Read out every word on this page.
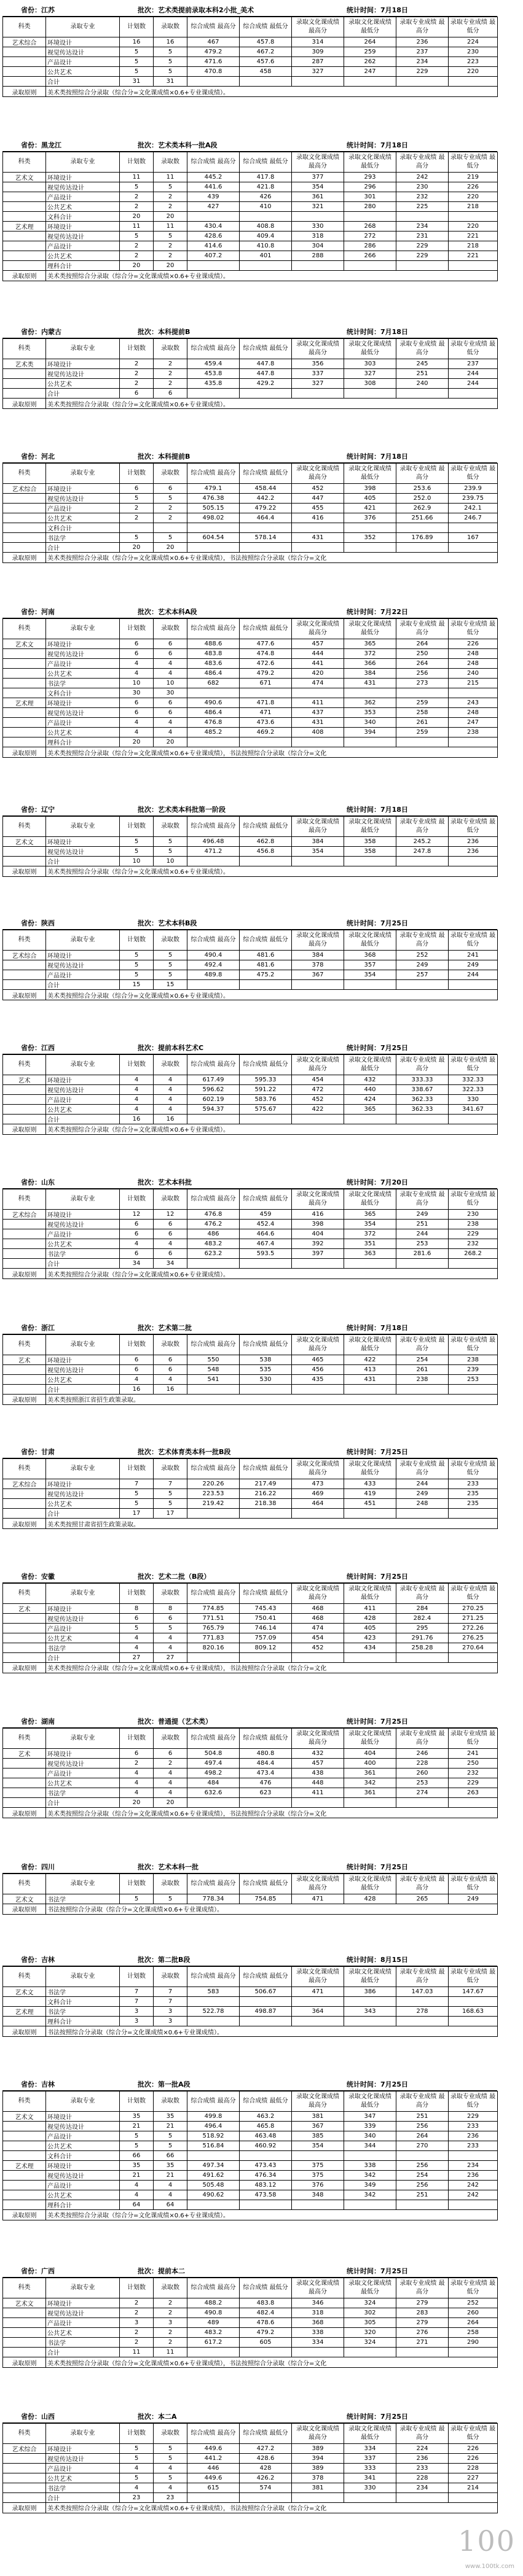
省份：江苏	批次：艺术类提前录取本科2小批_美术	统计时间：7月18日
科类	录取专业	计划数	录取数	综合成绩 最高分	综合成绩 最低分	录取文化课成绩 最高分	录取文化课成绩 最低分	录取专业成绩 最高分	录取专业成绩 最低分
艺术综合	环境设计	16	16	467	457.8	314	264	236	224
	视觉传达设计	5	5	479.2	467.2	309	259	237	230
	产品设计	5	5	471.6	457.6	287	262	234	223
	公共艺术	5	5	470.8	458	327	247	229	220
	合计	31	31						
录取原则	美术类按照综合分录取（综合分=文化课成绩×0.6+专业课成绩）。								
省份：黑龙江	批次：艺术类本科一批A段	统计时间：7月18日
科类	录取专业	计划数	录取数	综合成绩 最高分	综合成绩 最低分	录取文化课成绩 最高分	录取文化课成绩 最低分	录取专业成绩 最高分	录取专业成绩 最低分
艺术文	环境设计	11	11	445.2	417.8	377	293	242	219
	视觉传达设计	5	5	441.6	421.8	354	296	230	226
	产品设计	2	2	439	426	361	301	232	220
	公共艺术	2	2	427	410	321	280	225	218
	文科合计	20	20						
艺术理	环境设计	11	11	430.4	408.8	330	268	234	220
	视觉传达设计	5	5	428.6	409.4	318	272	231	221
	产品设计	2	2	414.6	410.8	304	286	229	218
	公共艺术	2	2	407.2	401	288	266	229	221
	理科合计	20	20						
录取原则	美术类按照综合分录取（综合分=文化课成绩×0.6+专业课成绩）。								
省份：内蒙古	批次：本科提前B	统计时间：7月18日
科类	录取专业	计划数	录取数	综合成绩 最高分	综合成绩 最低分	录取文化课成绩 最高分	录取文化课成绩 最低分	录取专业成绩 最高分	录取专业成绩 最低分
艺术类	环境设计	2	2	459.4	447.8	356	303	245	237
	视觉传达设计	2	2	453.8	447.8	337	327	251	244
	公共艺术	2	2	435.8	429.2	327	308	240	244
	合计	6	6						
录取原则	美术类按照综合分录取（综合分=文化课成绩×0.6+专业课成绩）。								
省份：河北	批次：本科提前B	统计时间：7月18日
科类	录取专业	计划数	录取数	综合成绩 最高分	综合成绩 最低分	录取文化课成绩 最高分	录取文化课成绩 最低分	录取专业成绩 最高分	录取专业成绩 最低分
艺术综合	环境设计	6	6	479.1	458.44	452	398	253.6	239.9
	视觉传达设计	5	5	476.38	442.2	447	405	252.0	239.75
	产品设计	2	2	505.15	479.22	455	421	262.9	242.1
	公共艺术	2	2	498.02	464.4	416	376	251.66	246.7
	文科合计								
	书法学	5	5	604.54	578.14	431	352	176.89	167
	合计	20	20						
录取原则	美术类按照综合分录取（综合分=文化课成绩×0.6+专业课成绩），书法按照综合分录取（综合分=文化								
省份：河南	批次：艺术本科A段	统计时间：7月22日
科类	录取专业	计划数	录取数	综合成绩 最高分	综合成绩 最低分	录取文化课成绩 最高分	录取文化课成绩 最低分	录取专业成绩 最高分	录取专业成绩 最低分
艺术文	环境设计	6	6	488.6	477.6	457	365	264	226
	视觉传达设计	6	6	483.8	474.8	444	372	250	248
	产品设计	4	4	483.6	472.6	441	366	264	248
	公共艺术	4	4	486.4	479.2	420	384	256	240
	书法学	10	10	682	671	474	431	273	215
	文科合计	30	30						
艺术理	环境设计	6	6	490.6	471.8	411	362	259	243
	视觉传达设计	6	6	486.4	471	437	353	258	248
	产品设计	4	4	476.8	473.6	431	340	261	247
	公共艺术	4	4	485.2	469.2	408	394	259	238
	理科合计	20	20						
录取原则	美术类按照综合分录取（综合分=文化课成绩×0.6+专业课成绩），书法按照综合分录取（综合分=文化								
省份：辽宁	批次：艺术类本科批第一阶段	统计时间：7月18日
科类	录取专业	计划数	录取数	综合成绩 最高分	综合成绩 最低分	录取文化课成绩 最高分	录取文化课成绩 最低分	录取专业成绩 最高分	录取专业成绩 最低分
艺术文	环境设计	5	5	496.48	462.8	384	358	245.2	236
	视觉传达设计	5	5	471.2	456.8	354	358	247.8	236
	合计	10	10						
录取原则	美术类按照综合分录取（综合分=文化课成绩×0.6+专业课成绩）。								
省份：陕西	批次：艺术本科B段	统计时间：7月25日
科类	录取专业	计划数	录取数	综合成绩 最高分	综合成绩 最低分	录取文化课成绩 最高分	录取文化课成绩 最低分	录取专业成绩 最高分	录取专业成绩 最低分
艺术综合	环境设计	5	5	490.4	481.6	384	368	252	241
	视觉传达设计	5	5	492.4	481.6	378	357	249	249
	产品设计	5	5	489.8	475.2	367	354	257	244
	合计	15	15						
录取原则	美术类按照综合分录取（综合分=文化课成绩×0.6+专业课成绩）。								
省份：江西	批次：提前本科艺术C	统计时间：7月25日
科类	录取专业	计划数	录取数	综合成绩 最高分	综合成绩 最低分	录取文化课成绩 最高分	录取文化课成绩 最低分	录取专业成绩 最高分	录取专业成绩 最低分
艺术	环境设计	4	4	617.49	595.33	454	432	333.33	332.33
	视觉传达设计	4	4	596.62	591.22	472	440	338.67	322.33
	产品设计	4	4	602.19	583.76	452	424	362.33	330
	公共艺术	4	4	594.37	575.67	422	365	362.33	341.67
	合计	16	16						
录取原则	美术类按照综合分录取（综合分=文化课成绩×0.6+专业课成绩）。								
省份：山东	批次：艺术本科批	统计时间：7月20日
科类	录取专业	计划数	录取数	综合成绩 最高分	综合成绩 最低分	录取文化课成绩 最高分	录取文化课成绩 最低分	录取专业成绩 最高分	录取专业成绩 最低分
艺术综合	环境设计	12	12	476.8	459	416	365	249	230
	视觉传达设计	6	6	476.2	452.4	398	354	251	238
	产品设计	6	6	486	464.6	404	372	244	229
	公共艺术	4	4	483.2	467.4	392	351	253	232
	书法学	6	6	623.2	593.5	397	363	281.6	268.2
	合计	34	34						
录取原则	美术类按照综合分录取（综合分=文化课成绩×0.6+专业课成绩）。								
省份：浙江	批次：艺术第二批	统计时间：7月18日
科类	录取专业	计划数	录取数	综合成绩 最高分	综合成绩 最低分	录取文化课成绩 最高分	录取文化课成绩 最低分	录取专业成绩 最高分	录取专业成绩 最低分
艺术	环境设计	6	6	550	538	465	422	254	238
	视觉传达设计	6	6	548	535	456	413	261	239
	公共艺术	4	4	541	530	435	431	238	253
	合计	16	16						
录取原则	美术类按照浙江省招生政策录取。								
省份：甘肃	批次：艺术体育类本科一批B段	统计时间：7月25日
科类	录取专业	计划数	录取数	综合成绩 最高分	综合成绩 最低分	录取文化课成绩 最高分	录取文化课成绩 最低分	录取专业成绩 最高分	录取专业成绩 最低分
艺术综合	环境设计	7	7	220.26	217.49	473	433	244	233
	视觉传达设计	5	5	223.53	216.22	469	419	249	235
	公共艺术	5	5	219.42	218.38	464	451	248	235
	合计	17	17						
录取原则	美术类按照甘肃省招生政策录取。								
省份：安徽	批次：艺术二批（B段）	统计时间：7月25日
科类	录取专业	计划数	录取数	综合成绩 最高分	综合成绩 最低分	录取文化课成绩 最高分	录取文化课成绩 最低分	录取专业成绩 最高分	录取专业成绩 最低分
艺术	环境设计	8	8	774.85	745.43	468	411	284	270.25
	视觉传达设计	6	6	771.51	750.41	468	428	282.4	271.25
	产品设计	5	5	765.79	746.14	474	405	295	272.26
	公共艺术	4	4	771.83	757.09	454	423	291.76	276.25
	书法学	4	4	820.16	809.12	452	434	258.28	270.64
	合计	27	27						
录取原则	美术类按照综合分录取（综合分=文化课成绩×0.6+专业课成绩），书法按照综合分录取（综合分=文化								
省份：湖南	批次：普通提（艺术类）	统计时间：7月25日
科类	录取专业	计划数	录取数	综合成绩 最高分	综合成绩 最低分	录取文化课成绩 最高分	录取文化课成绩 最低分	录取专业成绩 最高分	录取专业成绩 最低分
艺术	环境设计	6	6	504.8	480.8	432	404	246	241
	视觉传达设计	2	2	497.4	484.4	457	400	228	250
	产品设计	4	4	498.2	473.4	438	361	260	232
	公共艺术	4	4	484	476	448	342	253	229
	书法学	4	4	632.6	623	411	361	274	263
	合计	20	20						
录取原则	美术类按照综合分录取（综合分=文化课成绩×0.6+专业课成绩），书法按照综合分录取（综合分=文化								
省份：四川	批次：艺术本科一批	统计时间：7月25日
科类	录取专业	计划数	录取数	综合成绩 最高分	综合成绩 最低分	录取文化课成绩 最高分	录取文化课成绩 最低分	录取专业成绩 最高分	录取专业成绩 最低分
艺术文	书法学	5	5	778.34	754.85	471	428	265	249
录取原则	书法按照综合分录取（综合分=文化课成绩×0.6+专业课成绩）。								
省份：吉林	批次：第二批B段	统计时间：8月15日
科类	录取专业	计划数	录取数	综合成绩 最高分	综合成绩 最低分	录取文化课成绩 最高分	录取文化课成绩 最低分	录取专业成绩 最高分	录取专业成绩 最低分
艺术文	书法学	7	7	583	506.67	471	386	147.03	147.67
	文科合计	7	7						
艺术理	书法学	3	3	522.78	498.87	364	343	278	168.63
	理科合计	3	3						
录取原则	书法按照综合分录取（综合分=文化课成绩×0.6+专业课成绩）。								
省份：吉林	批次：第一批A段	统计时间：7月25日
科类	录取专业	计划数	录取数	综合成绩 最高分	综合成绩 最低分	录取文化课成绩 最高分	录取文化课成绩 最低分	录取专业成绩 最高分	录取专业成绩 最低分
艺术文	环境设计	35	35	499.8	463.2	381	347	251	229
	视觉传达设计	21	21	496.4	465.8	367	339	256	233
	产品设计	5	5	518.92	463.48	385	340	264	236
	公共艺术	5	5	516.84	460.92	354	344	270	233
	文科合计	66	66						
艺术理	环境设计	35	35	497.34	473.43	375	338	256	234
	视觉传达设计	21	21	491.62	476.34	375	342	254	236
	产品设计	4	4	505.48	483.12	376	349	256	242
	公共艺术	4	4	490.62	473.58	348	342	251	242
	理科合计	64	64						
录取原则	美术类按照综合分录取（综合分=文化课成绩×0.6+专业课成绩）。								
省份：广西	批次：提前本二	统计时间：7月25日
科类	录取专业	计划数	录取数	综合成绩 最高分	综合成绩 最低分	录取文化课成绩 最高分	录取文化课成绩 最低分	录取专业成绩 最高分	录取专业成绩 最低分
艺术文	环境设计	2	2	488.2	483.8	346	324	279	252
	视觉传达设计	2	2	490.8	482.4	318	302	283	260
	产品设计	3	3	489	478.6	368	305	279	264
	公共艺术	2	2	483.2	479.2	338	320	276	258
	书法学	2	2	617.2	605	334	324	271	290
	合计	11	11						
录取原则	美术类按照综合分录取（综合分=文化课成绩×0.6+专业课成绩），书法按照综合分录取（综合分=文化								
省份：山西	批次：本二A	统计时间：7月25日
科类	录取专业	计划数	录取数	综合成绩 最高分	综合成绩 最低分	录取文化课成绩 最高分	录取文化课成绩 最低分	录取专业成绩 最高分	录取专业成绩 最低分
艺术综合	环境设计	5	5	449.6	427.2	389	334	224	226
	视觉传达设计	5	5	441.2	428.6	394	337	236	226
	产品设计	4	4	446	428	389	333	233	228
	公共艺术	5	5	449.6	426.2	378	341	228	227
	书法学	4	4	615	574	381	330	234	214
	合计	23	23						
录取原则	美术类按照综合分录取（综合分=文化课成绩×0.6+专业课成绩），书法按照综合分录取（综合分=文化								
100
www.100tk.com
